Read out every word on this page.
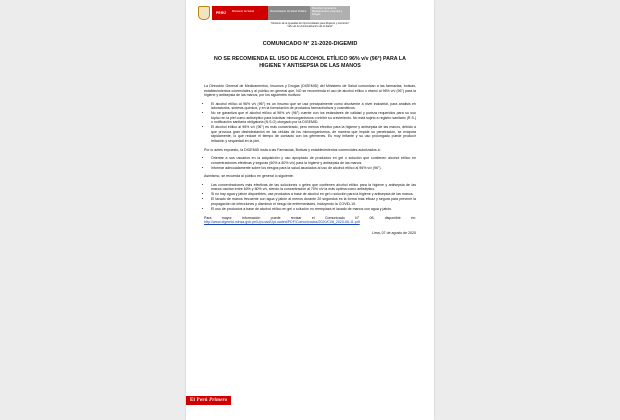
PERÚ	Ministerio de Salud	Viceministerio de Salud Pública
Dirección General de Medicamentos, Insumos y Drogas
"Decenio de la Igualdad de Oportunidades para Mujeres y Hombres"
"Año de la Universalización de la Salud"
COMUNICADO N° 21-2020-DIGEMID
NO SE RECOMIENDA EL USO DE ALCOHOL ETÍLICO 96% v/v (96°) PARA LA HIGIENE Y ANTISEPSIA DE LAS MANOS

La Dirección General de Medicamentos, Insumos y Drogas (DIGEMID) del Ministerio de Salud comunican a las farmacias, boticas, establecimientos comerciales y al público en general que, NO se recomienda el uso de alcohol etílico o etanol al 96% v/v (96°) para la higiene y antisepsia de las manos, por los siguientes motivos:

• El alcohol etílico al 96% v/v (96°) es un insumo que se usa principalmente como disolvente a nivel industrial, para análisis en laboratorios, síntesis química, y en la formulación de productos farmacéuticos y cosméticos.
• No se garantiza que el alcohol etílico al 96% v/v (96°) cuente con los estándares de calidad y pureza requeridos para su uso tópico en la piel como antiséptico para inactivar microorganismos o inhibir su crecimiento. No está sujeto a registro sanitario (R.S.) o notificación sanitaria obligatoria (N.S.O) otorgado por la DIGEMID.
• El alcohol etílico al 96% v/v (96°) es más concentrado, pero menos efectivo para la higiene y antisepsia de las manos, debido a que provoca gran deshidratación en las células de los microorganismos, de manera que impide su penetración, se evapora rápidamente, lo que reduce el tiempo de contacto con los gérmenes. Es muy irritante y su uso prolongado puede producir irritación y sequedad en la piel.

Por lo antes expuesto, la DIGEMID insta a las Farmacias, Boticas y establecimientos comerciales autorizados a:

• Orientar a sus usuarios en la adquisición y uso apropiado de productos en gel o solución que contienen alcohol etílico en concentraciones efectivas y seguras (60% a 80% v/v) para la higiene y antisepsia de las manos.
• Informar adecuadamente sobre los riesgos para la salud asociados al uso de alcohol etílico al 96% v/v (96°).

Asimismo, se recuerda al público en general lo siguiente:

• Las concentraciones más efectivas de las soluciones o geles que contienen alcohol etílico para la higiene y antisepsia de las manos oscilan entre 60% y 80% v/v, siendo la concentración al 70% v/v la más óptima como antiséptico.
• Si no hay agua y jabón disponibles, use productos a base de alcohol en gel o solución para la higiene y antisepsia de las manos.
• El lavado de manos frecuente con agua y jabón al menos durante 20 segundos es la forma más eficaz y segura para prevenir la propagación de infecciones y disminuir el riesgo de enfermedades, incluyendo la COVID-19.
• El uso de productos a base de alcohol etílico en gel o solución no reemplaza el lavado de manos con agua y jabón.

Para mayor información puede revisar el Comunicado N° 08, disponible en: http://www.digemid.minsa.gob.pe/UpLoad/UpLoaded/PDF/Comunicados/2020/C08_2020-06-11.pdf

Lima, 07 de agosto de 2020
El Perú Primero
